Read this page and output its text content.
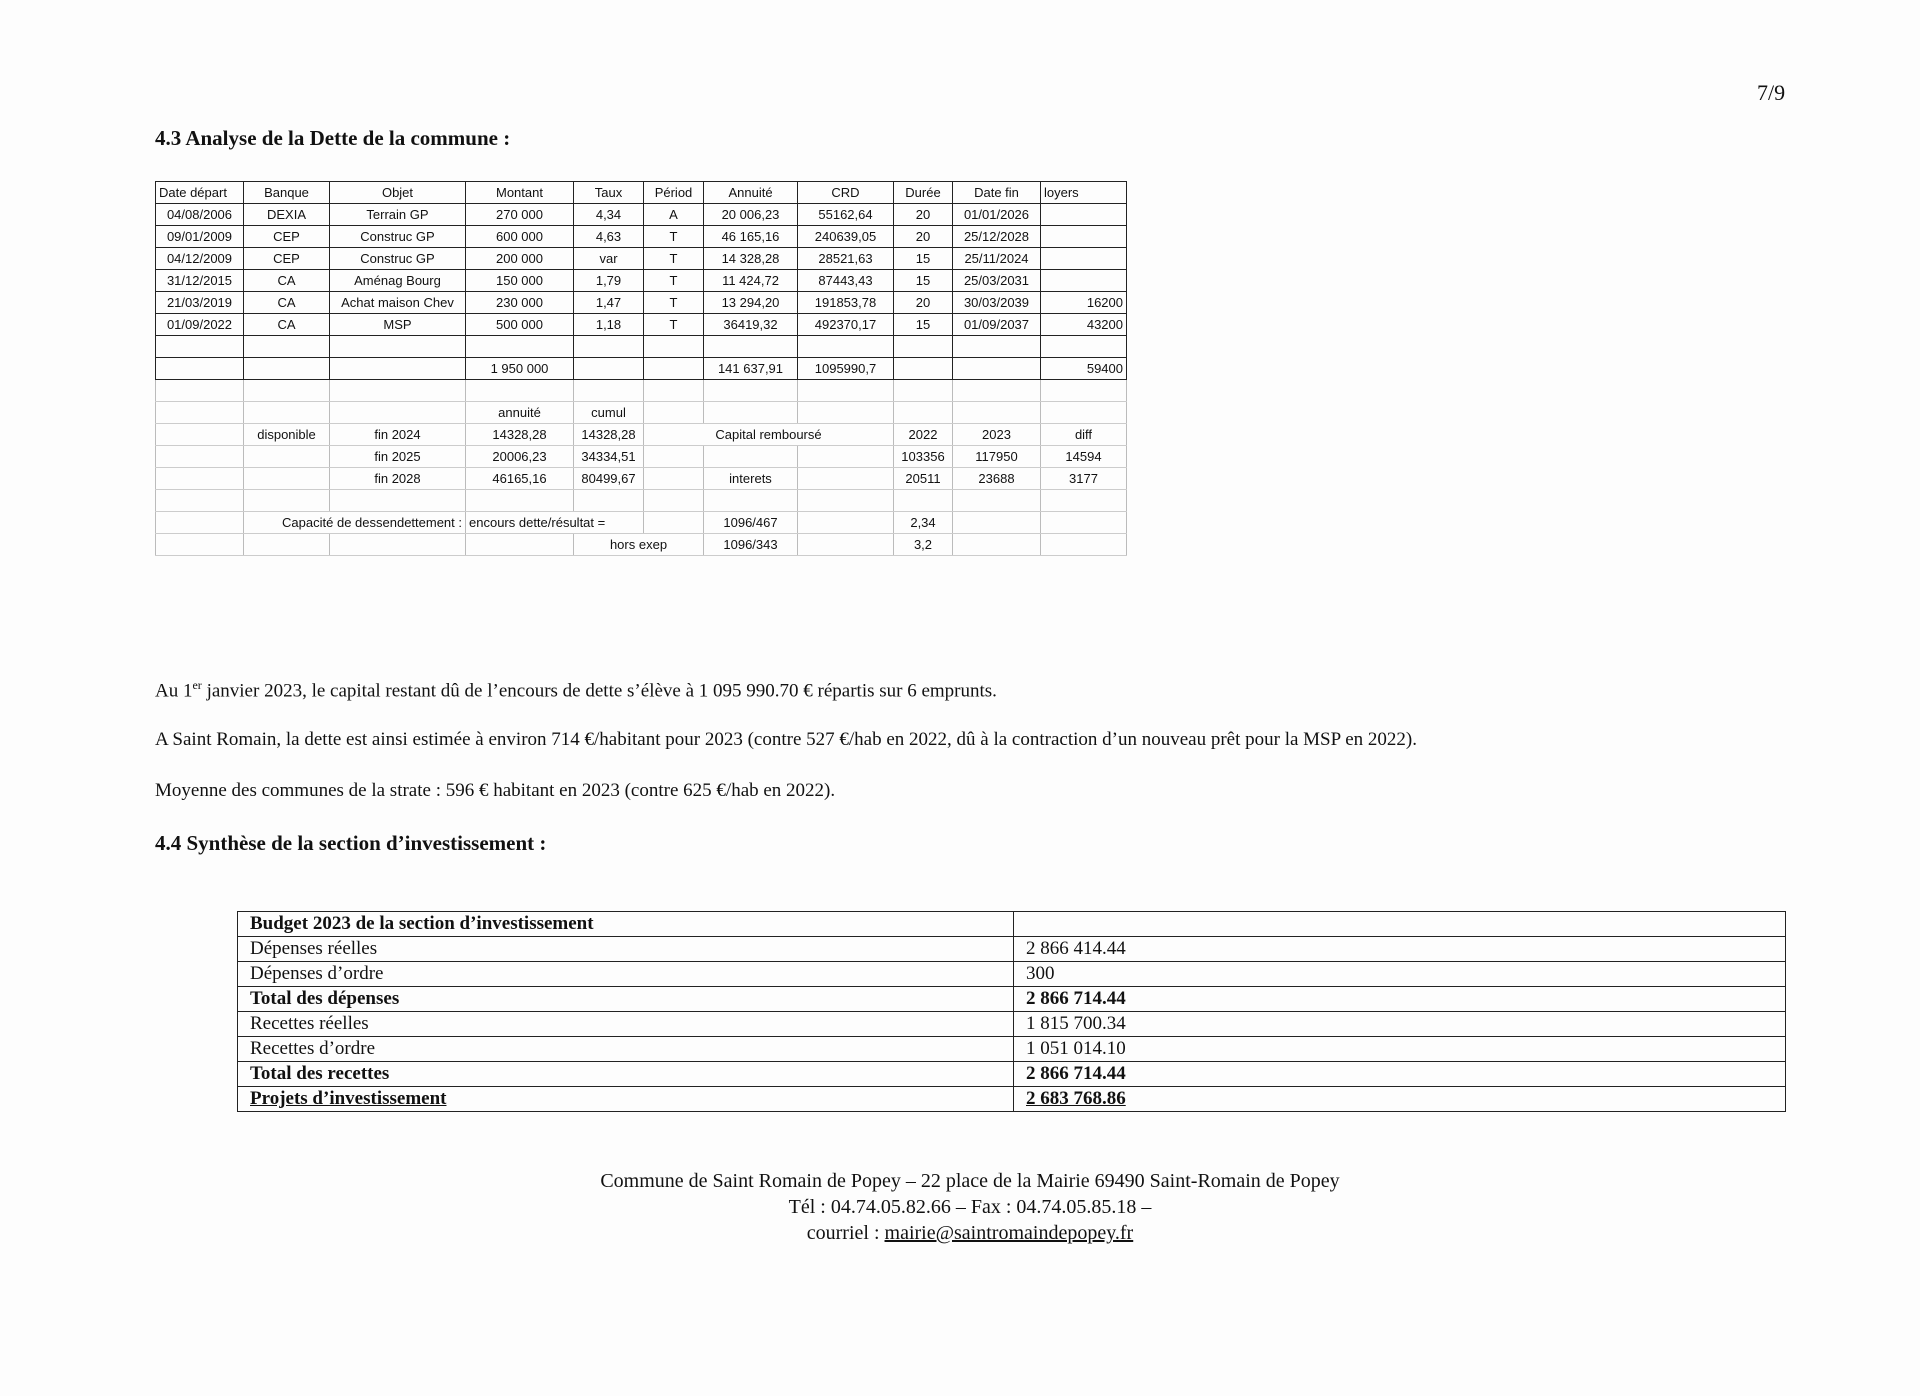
7/9
4.3 Analyse de la Dette de la commune :
Date départ	Banque	Objet	Montant	Taux	Périod	Annuité	CRD	Durée	Date fin	loyers
04/08/2006	DEXIA	Terrain GP	270 000	4,34	A	20 006,23	55162,64	20	01/01/2026	
09/01/2009	CEP	Construc GP	600 000	4,63	T	46 165,16	240639,05	20	25/12/2028	
04/12/2009	CEP	Construc GP	200 000	var	T	14 328,28	28521,63	15	25/11/2024	
31/12/2015	CA	Aménag Bourg	150 000	1,79	T	11 424,72	87443,43	15	25/03/2031	
21/03/2019	CA	Achat maison Chev	230 000	1,47	T	13 294,20	191853,78	20	30/03/2039	16200
01/09/2022	CA	MSP	500 000	1,18	T	36419,32	492370,17	15	01/09/2037	43200

			1 950 000			141 637,91	1095990,7			59400

			annuité	cumul						
	disponible	fin 2024	14328,28	14328,28	Capital remboursé			2022	2023	diff
		fin 2025	20006,23	34334,51				103356	117950	14594
		fin 2028	46165,16	80499,67		interets		20511	23688	3177

	Capacité de dessendettement :		encours dette/résultat =			1096/467		2,34		
				hors exep		1096/343		3,2		

Au 1er janvier 2023, le capital restant dû de l’encours de dette s’élève à 1 095 990.70 € répartis sur 6 emprunts.

A Saint Romain, la dette est ainsi estimée à environ 714 €/habitant pour 2023 (contre 527 €/hab en 2022, dû à la contraction d’un nouveau prêt pour la MSP en 2022).

Moyenne des communes de la strate : 596 € habitant en 2023 (contre 625 €/hab en 2022).

4.4 Synthèse de la section d’investissement :
Budget 2023 de la section d’investissement	
Dépenses réelles	2 866 414.44
Dépenses d’ordre	300
Total des dépenses	2 866 714.44
Recettes réelles	1 815 700.34
Recettes d’ordre	1 051 014.10
Total des recettes	2 866 714.44
Projets d’investissement	2 683 768.86
Commune de Saint Romain de Popey – 22 place de la Mairie 69490 Saint-Romain de Popey
Tél : 04.74.05.82.66 – Fax : 04.74.05.85.18 –
courriel : mairie@saintromaindepopey.fr
